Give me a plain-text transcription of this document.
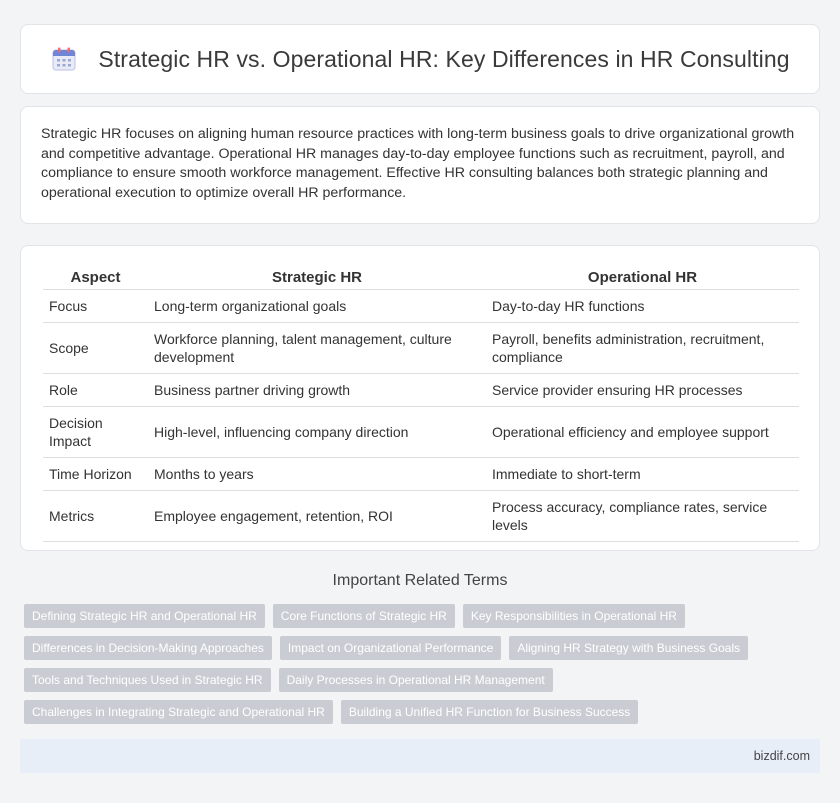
Strategic HR vs. Operational HR: Key Differences in HR Consulting

Strategic HR focuses on aligning human resource practices with long-term business goals to drive organizational growth and competitive advantage. Operational HR manages day-to-day employee functions such as recruitment, payroll, and compliance to ensure smooth workforce management. Effective HR consulting balances both strategic planning and operational execution to optimize overall HR performance.

Aspect	Strategic HR	Operational HR
Focus	Long-term organizational goals	Day-to-day HR functions
Scope	Workforce planning, talent management, culture development	Payroll, benefits administration, recruitment, compliance
Role	Business partner driving growth	Service provider ensuring HR processes
Decision Impact	High-level, influencing company direction	Operational efficiency and employee support
Time Horizon	Months to years	Immediate to short-term
Metrics	Employee engagement, retention, ROI	Process accuracy, compliance rates, service levels
Important Related Terms
Defining Strategic HR and Operational HR	Core Functions of Strategic HR	Key Responsibilities in Operational HR
Differences in Decision-Making Approaches	Impact on Organizational Performance	Aligning HR Strategy with Business Goals
Tools and Techniques Used in Strategic HR	Daily Processes in Operational HR Management
Challenges in Integrating Strategic and Operational HR	Building a Unified HR Function for Business Success
bizdif.com
